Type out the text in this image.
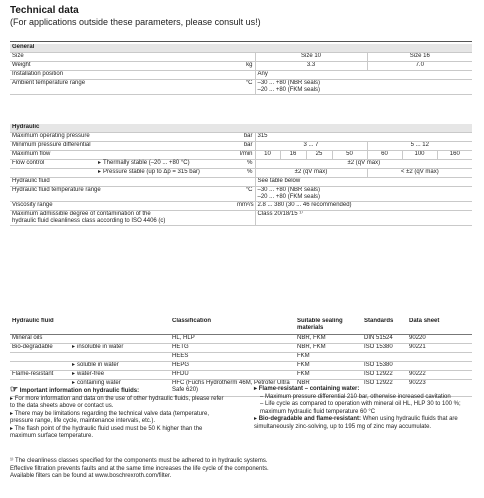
Technical data
(For applications outside these parameters, please consult us!)
General			
Size		Size 10	Size 16
Weight	kg	3.3	7.0
Installation position		Any	
Ambient temperature range	°C	–30 ... +80 (NBR seals)
–20 ... +80 (FKM seals)	
Hydraulic								
Maximum operating pressure	bar	315						
Minimum pressure differential	bar	3 ... 7				5 ... 12		
Maximum flow	l/min	10	16	25	50	60	100	160
Flow control ▸ Thermally stable (–20 ... +80 °C)	%	±2 (qV max)						
▸ Pressure stable (up to Δp = 315 bar)	%	±2 (qV max)				< ±2 (qV max)		
Hydraulic fluid		See table below						
Hydraulic fluid temperature range	°C	–30 ... +80 (NBR seals)
–20 ... +80 (FKM seals)						

Viscosity range	mm²/s	2.8 ... 380 (30 ... 46 recommended)						

Maximum admissible degree of contamination of the
hydraulic fluid cleanliness class according to ISO 4406 (c)		Class 20/18/15 ¹⁾						
Hydraulic fluid		Classification	Suitable sealing materials	Standards	Data sheet
Mineral oils		HL, HLP	NBR, FKM	DIN 51524	90220
Bio-degradable	▸ insoluble in water	HETG	NBR, FKM	ISO 15380	90221
		HEES	FKM		
	▸ soluble in water	HEPG	FKM	ISO 15380	
Flame-resistant	▸ water-free	HFDU	FKM	ISO 12922	90222
	▸ containing water	HFC (Fuchs Hydrotherm 46M, Petrofer Ultra Safe 620)	NBR	ISO 12922	90223

☞ Important information on hydraulic fluids:

▸ For more information and data on the use of other hydraulic fluids, please refer to the data sheets above or contact us.

▸ There may be limitations regarding the technical valve data (temperature, pressure range, life cycle, maintenance intervals, etc.).

▸ The flash point of the hydraulic fluid used must be 50 K higher than the maximum surface temperature.

▸ Flame-resistant – containing water:

– Maximum pressure differential 210 bar, otherwise increased cavitation

– Life cycle as compared to operation with mineral oil HL, HLP 30 to 100 %; maximum hydraulic fluid temperature 60 °C

▸ Bio-degradable and flame-resistant: When using hydraulic fluids that are simultaneously zinc-solving, up to 195 mg of zinc may accumulate.

¹⁾ The cleanliness classes specified for the components must be adhered to in hydraulic systems. Effective filtration prevents faults and at the same time increases the life cycle of the components. Available filters can be found at www.boschrexroth.com/filter.
